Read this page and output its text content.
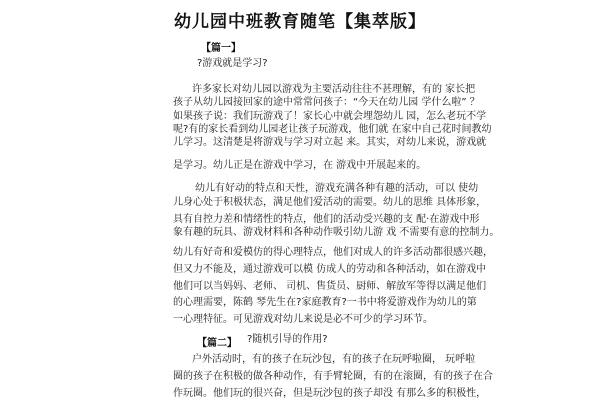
幼儿园中班教育随笔【集萃版】
【篇一】
?游戏就是学习?
许多家长对幼儿园以游戏为主要活动往往不甚理解，有的 家长把
孩子从幼儿园接回家的途中常常问孩子：“今天在幼儿园 学什么啦” ？
如果孩子说：我们玩游戏了！家长心中就会埋怨幼儿 园，怎么老玩不学
呢?有的家长看到幼儿园老让孩子玩游戏，他们就 在家中自己花时间教幼
儿学习。这清楚是将游戏与学习对立起 来。其实，对幼儿来说，游戏就
是学习。幼儿正是在游戏中学习，在 游戏中开展起来的。
幼儿有好动的特点和天性，游戏充满各种有趣的活动，可以 使幼
儿身心处于积极状态，满足他们爱活动的需要。幼儿的思维 具体形象，
具有自控力差和情绪性的特点，他们的活动受兴趣的支 配·在游戏中形
象有趣的玩具、游戏材料和各种动作吸引幼儿游 戏 不需要有意的控制力。
幼儿有好奇和爱模仿的得心理特点，他们对成人的许多活动都很感兴趣，
但又力不能及，通过游戏可以模 仿成人的劳动和各种活动，如在游戏中
他们可以当妈妈、老师、 司机、售货员、厨师、解放军等得以满足他们
的心理需要，陈鹤 琴先生在?家庭教育?一书中将爱游戏作为幼儿的第
一心理特征。可见游戏对幼儿来说是必不可少的学习环节。
【篇二】 ?随机引导的作用?
户外活动时，有的孩子在玩沙包，有的孩子在玩呼啦圈， 玩呼啦
圈的孩子在积极的做各种动作，有手臂轮圈，有的在滚圈，有的孩子在合
作玩圈。他们玩的很兴奋，但是玩沙包的孩子却没 有那么多的积极性，
